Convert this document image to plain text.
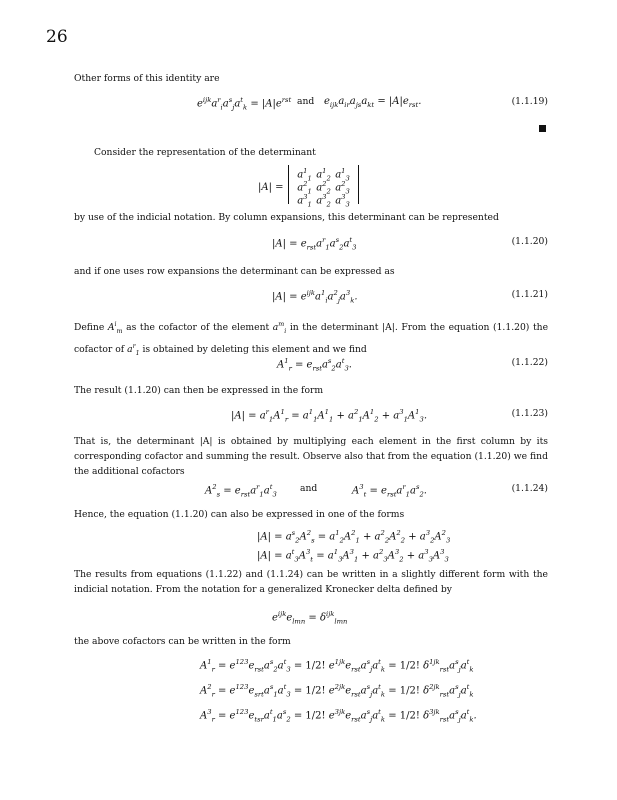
26
Other forms of this identity are
$e^{ijk}a^r_ia^s_ja^t_k = |A|e^{rst}$ and $e_{ijk}a_{ir}a_{js}a_{kt} = |A|e_{rst}$.	(1.1.19)
Consider the representation of the determinant
|A| =
$a^1_1$ $a^1_2$ $a^1_3$
$a^2_1$ $a^2_2$ $a^2_3$
$a^3_1$ $a^3_2$ $a^3_3$
by use of the indicial notation. By column expansions, this determinant can be represented
$|A| = e_{rst}a^r_1a^s_2a^t_3$
(1.1.20)
and if one uses row expansions the determinant can be expressed as
$|A| = e^{ijk}a^1_ia^2_ja^3_k$.	(1.1.21)
Define $A^i_m$ as the cofactor of the element $a^m_i$ in the determinant |A|. From the equation (1.1.20) the cofactor of $a^r_1$ is obtained by deleting this element and we find
$A^1_r = e_{rst}a^s_2a^t_3$.	(1.1.22)
The result (1.1.20) can then be expressed in the form
$|A| = a^r_1A^1_r = a^1_1A^1_1 + a^2_1A^1_2 + a^3_1A^1_3$.	(1.1.23)
That is, the determinant |A| is obtained by multiplying each element in the first column by its corresponding cofactor and summing the result. Observe also that from the equation (1.1.20) we find the additional cofactors
$A^2_s = e_{rst}a^r_1a^t_3$
and	$A^3_t = e_{rst}a^r_1a^s_2$.	(1.1.24)
Hence, the equation (1.1.20) can also be expressed in one of the forms
$|A| = a^s_2A^2_s = a^1_2A^2_1 + a^2_2A^2_2 + a^3_2A^2_3$
$|A| = a^t_3A^3_t = a^1_3A^3_1 + a^2_3A^3_2 + a^3_3A^3_3$
The results from equations (1.1.22) and (1.1.24) can be written in a slightly different form with the indicial notation. From the notation for a generalized Kronecker delta defined by
$e^{ijk}e_{lmn} = \delta^{ijk}_{lmn}$
the above cofactors can be written in the form
$A^1_r = e^{123}e_{rst}a^s_2a^t_3 = 1/2$! $e^{1jk}e_{rst}a^s_ja^t_k = 1/2$! $\delta^{1jk}_{rst}a^s_ja^t_k$
$A^2_r = e^{123}e_{srt}a^s_1a^t_3 = 1/2$! $e^{2jk}e_{rst}a^s_ja^t_k = 1/2$! $\delta^{2jk}_{rst}a^s_ja^t_k$
$A^3_r = e^{123}e_{tsr}a^t_1a^s_2 = 1/2$! $e^{3jk}e_{rst}a^s_ja^t_k = 1/2$! $\delta^{3jk}_{rst}a^s_ja^t_k$.
